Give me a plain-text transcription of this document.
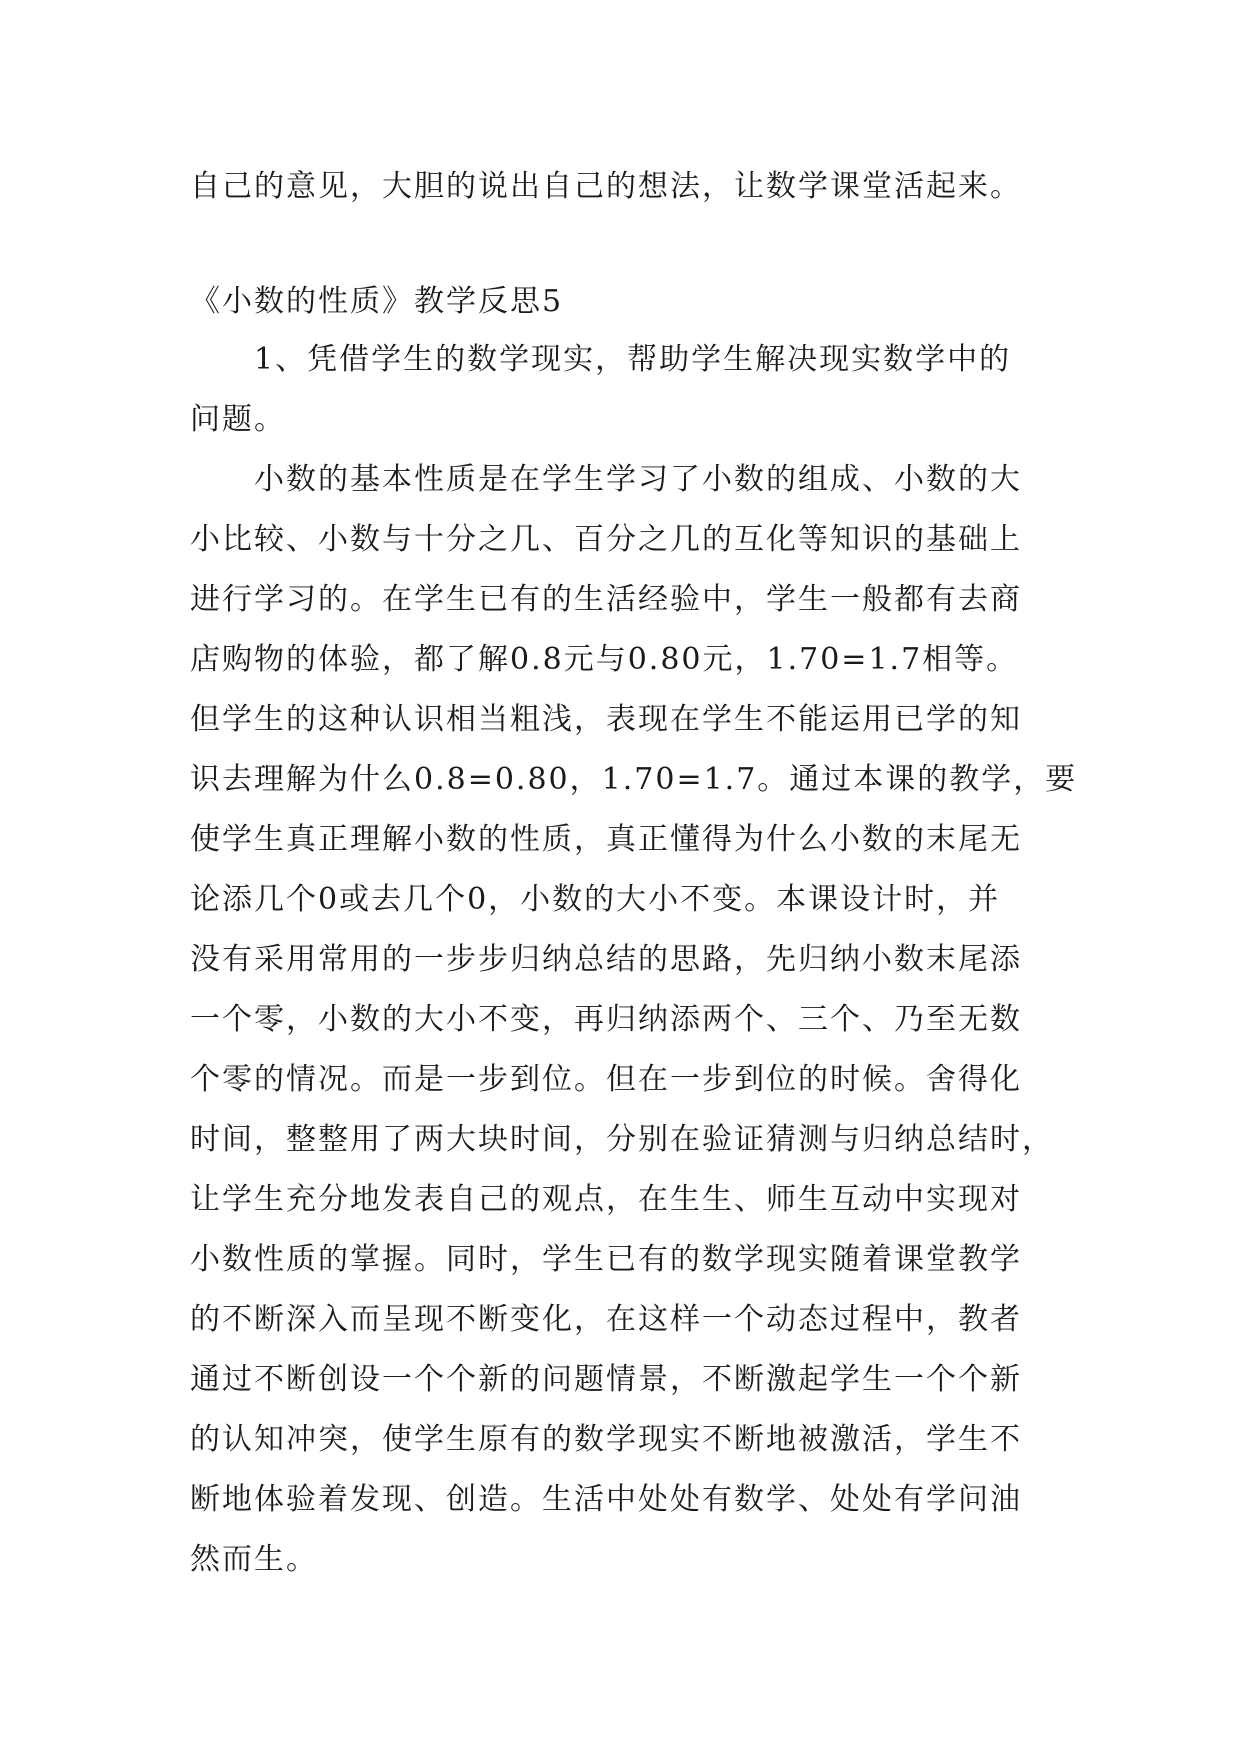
自己的意见，大胆的说出自己的想法，让数学课堂活起来。
《小数的性质》教学反思5
1、凭借学生的数学现实，帮助学生解决现实数学中的
问题。
小数的基本性质是在学生学习了小数的组成、小数的大
小比较、小数与十分之几、百分之几的互化等知识的基础上
进行学习的。在学生已有的生活经验中，学生一般都有去商
店购物的体验，都了解0.8元与0.80元，1.70=1.7相等。
但学生的这种认识相当粗浅，表现在学生不能运用已学的知
识去理解为什么0.8=0.80，1.70=1.7。通过本课的教学，要
使学生真正理解小数的性质，真正懂得为什么小数的末尾无
论添几个0或去几个0，小数的大小不变。本课设计时，并
没有采用常用的一步步归纳总结的思路，先归纳小数末尾添
一个零，小数的大小不变，再归纳添两个、三个、乃至无数
个零的情况。而是一步到位。但在一步到位的时候。舍得化
时间，整整用了两大块时间，分别在验证猜测与归纳总结时，
让学生充分地发表自己的观点，在生生、师生互动中实现对
小数性质的掌握。同时，学生已有的数学现实随着课堂教学
的不断深入而呈现不断变化，在这样一个动态过程中，教者
通过不断创设一个个新的问题情景，不断激起学生一个个新
的认知冲突，使学生原有的数学现实不断地被激活，学生不
断地体验着发现、创造。生活中处处有数学、处处有学问油
然而生。
